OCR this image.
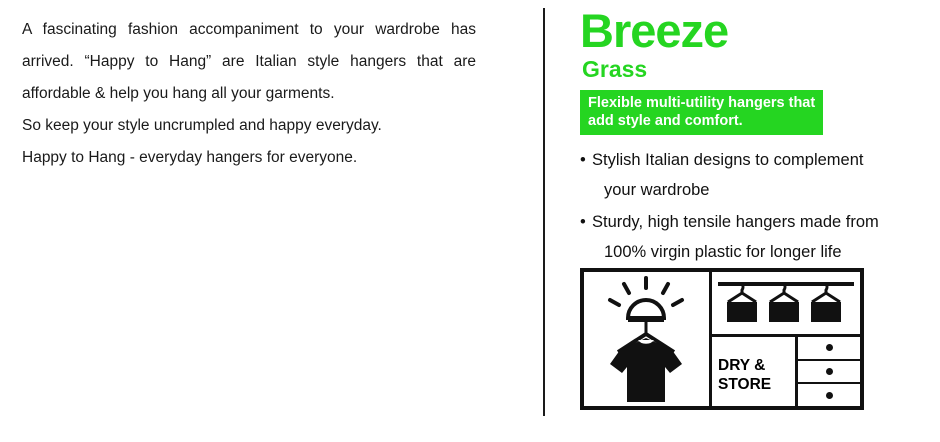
A fascinating fashion accompaniment to your wardrobe has arrived. “Happy to Hang” are Italian style hangers that are affordable & help you hang all your garments.

So keep your style uncrumpled and happy everyday.

Happy to Hang - everyday hangers for everyone.

Breeze
Grass
Flexible multi-utility hangers that
add style and comfort.
• Stylish Italian designs to complement
your wardrobe
• Sturdy, high tensile hangers made from
100% virgin plastic for longer life
DRY &
STORE
